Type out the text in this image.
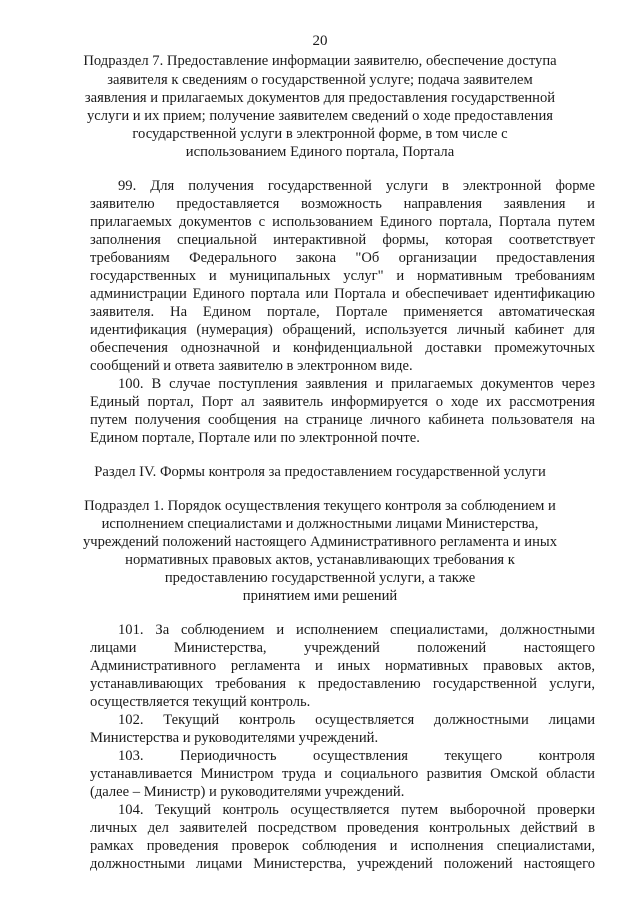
20
Подраздел 7. Предоставление информации заявителю, обеспечение доступа
заявителя к сведениям о государственной услуге; подача заявителем
заявления и прилагаемых документов для предоставления государственной
услуги и их прием; получение заявителем сведений о ходе предоставления
государственной услуги в электронной форме, в том числе с
использованием Единого портала, Портала
99. Для получения государственной услуги в электронной форме
заявителю предоставляется возможность направления заявления и
прилагаемых документов с использованием Единого портала, Портала путем
заполнения специальной интерактивной формы, которая соответствует
требованиям Федерального закона "Об организации предоставления
государственных и муниципальных услуг" и нормативным требованиям
администрации Единого портала или Портала и обеспечивает идентификацию
заявителя. На Едином портале, Портале применяется автоматическая
идентификация (нумерация) обращений, используется личный кабинет для
обеспечения однозначной и конфиденциальной доставки промежуточных
сообщений и ответа заявителю в электронном виде.
100. В случае поступления заявления и прилагаемых документов через
Единый портал, Порт ал заявитель информируется о ходе их рассмотрения
путем получения сообщения на странице личного кабинета пользователя на
Едином портале, Портале или по электронной почте.
Раздел IV. Формы контроля за предоставлением государственной услуги
Подраздел 1. Порядок осуществления текущего контроля за соблюдением и
исполнением специалистами и должностными лицами Министерства,
учреждений положений настоящего Административного регламента и иных
нормативных правовых актов, устанавливающих требования к
предоставлению государственной услуги, а также
принятием ими решений
101. За соблюдением и исполнением специалистами, должностными
лицами Министерства, учреждений положений настоящего
Административного регламента и иных нормативных правовых актов,
устанавливающих требования к предоставлению государственной услуги,
осуществляется текущий контроль.
102. Текущий контроль осуществляется должностными лицами
Министерства и руководителями учреждений.
103. Периодичность осуществления текущего контроля
устанавливается Министром труда и социального развития Омской области
(далее – Министр) и руководителями учреждений.
104. Текущий контроль осуществляется путем выборочной проверки
личных дел заявителей посредством проведения контрольных действий в
рамках проведения проверок соблюдения и исполнения специалистами,
должностными лицами Министерства, учреждений положений настоящего
